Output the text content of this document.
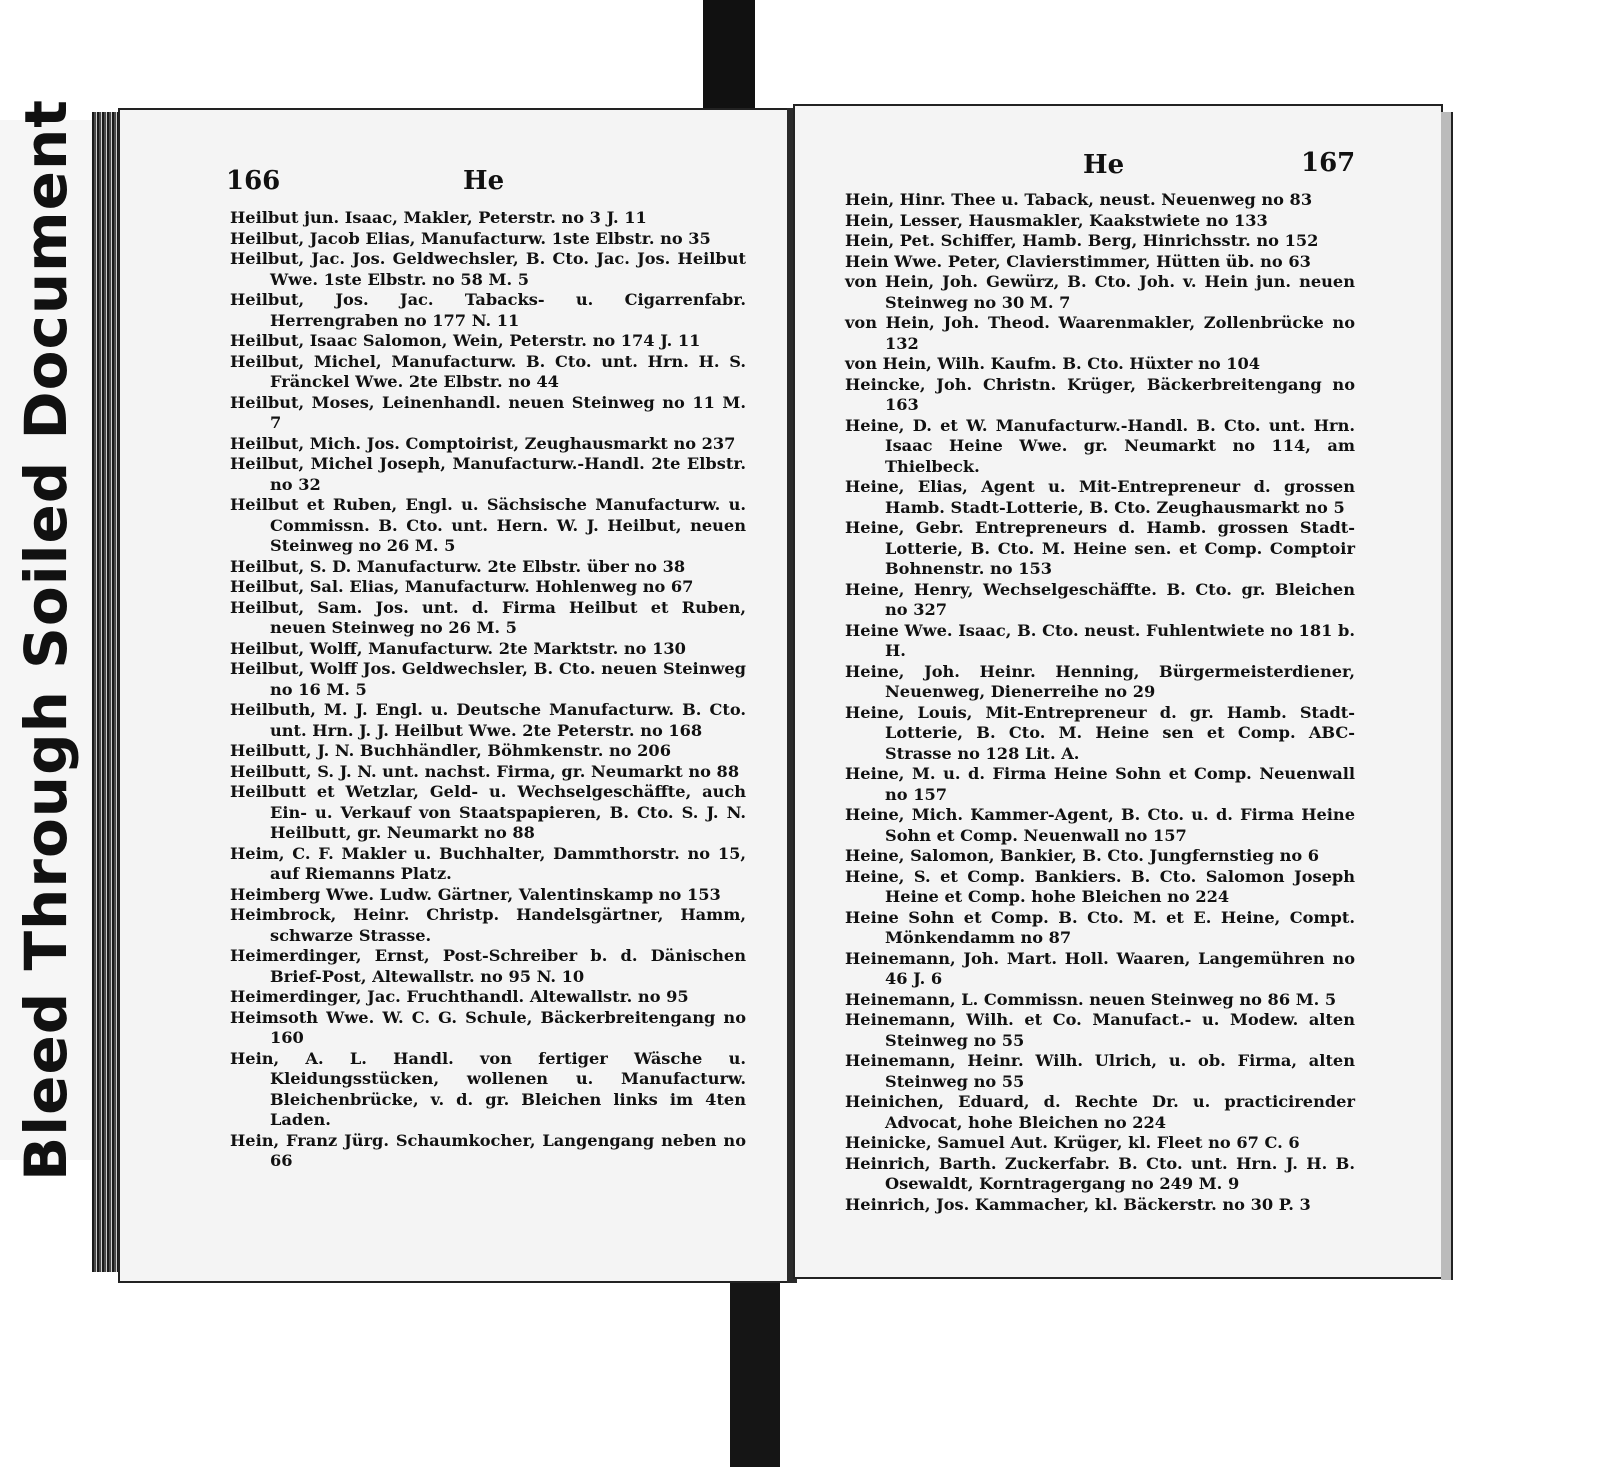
Bleed Through Soiled Document	166	He
Heilbut jun. Isaac, Makler, Peterstr. no 3 J. 11
Heilbut, Jacob Elias, Manufacturw. 1ste Elbstr. no 35
Heilbut, Jac. Jos. Geldwechsler, B. Cto. Jac. Jos. Heilbut Wwe. 1ste Elbstr. no 58 M. 5
Heilbut, Jos. Jac. Tabacks- u. Cigarrenfabr. Herrengraben no 177 N. 11
Heilbut, Isaac Salomon, Wein, Peterstr. no 174 J. 11
Heilbut, Michel, Manufacturw. B. Cto. unt. Hrn. H. S. Fränckel Wwe. 2te Elbstr. no 44
Heilbut, Moses, Leinenhandl. neuen Steinweg no 11 M. 7
Heilbut, Mich. Jos. Comptoirist, Zeughausmarkt no 237
Heilbut, Michel Joseph, Manufacturw.-Handl. 2te Elbstr. no 32
Heilbut et Ruben, Engl. u. Sächsische Manufacturw. u. Commissn. B. Cto. unt. Hern. W. J. Heilbut, neuen Steinweg no 26 M. 5
Heilbut, S. D. Manufacturw. 2te Elbstr. über no 38
Heilbut, Sal. Elias, Manufacturw. Hohlenweg no 67
Heilbut, Sam. Jos. unt. d. Firma Heilbut et Ruben, neuen Steinweg no 26 M. 5
Heilbut, Wolff, Manufacturw. 2te Marktstr. no 130
Heilbut, Wolff Jos. Geldwechsler, B. Cto. neuen Steinweg no 16 M. 5
Heilbuth, M. J. Engl. u. Deutsche Manufacturw. B. Cto. unt. Hrn. J. J. Heilbut Wwe. 2te Peterstr. no 168
Heilbutt, J. N. Buchhändler, Böhmkenstr. no 206
Heilbutt, S. J. N. unt. nachst. Firma, gr. Neumarkt no 88
Heilbutt et Wetzlar, Geld- u. Wechselgeschäffte, auch Ein- u. Verkauf von Staatspapieren, B. Cto. S. J. N. Heilbutt, gr. Neumarkt no 88
Heim, C. F. Makler u. Buchhalter, Dammthorstr. no 15, auf Riemanns Platz.
Heimberg Wwe. Ludw. Gärtner, Valentinskamp no 153
Heimbrock, Heinr. Christp. Handelsgärtner, Hamm, schwarze Strasse.
Heimerdinger, Ernst, Post-Schreiber b. d. Dänischen Brief-Post, Altewallstr. no 95 N. 10
Heimerdinger, Jac. Fruchthandl. Altewallstr. no 95
Heimsoth Wwe. W. C. G. Schule, Bäckerbreitengang no 160
Hein, A. L. Handl. von fertiger Wäsche u. Kleidungsstücken, wollenen u. Manufacturw. Bleichenbrücke, v. d. gr. Bleichen links im 4ten Laden.
Hein, Franz Jürg. Schaumkocher, Langengang neben no 66
He	167
Hein, Hinr. Thee u. Taback, neust. Neuenweg no 83
Hein, Lesser, Hausmakler, Kaakstwiete no 133
Hein, Pet. Schiffer, Hamb. Berg, Hinrichsstr. no 152
Hein Wwe. Peter, Clavierstimmer, Hütten üb. no 63
von Hein, Joh. Gewürz, B. Cto. Joh. v. Hein jun. neuen Steinweg no 30 M. 7
von Hein, Joh. Theod. Waarenmakler, Zollenbrücke no 132
von Hein, Wilh. Kaufm. B. Cto. Hüxter no 104
Heincke, Joh. Christn. Krüger, Bäckerbreitengang no 163
Heine, D. et W. Manufacturw.-Handl. B. Cto. unt. Hrn. Isaac Heine Wwe. gr. Neumarkt no 114, am Thielbeck.
Heine, Elias, Agent u. Mit-Entrepreneur d. grossen Hamb. Stadt-Lotterie, B. Cto. Zeughausmarkt no 5
Heine, Gebr. Entrepreneurs d. Hamb. grossen Stadt-Lotterie, B. Cto. M. Heine sen. et Comp. Comptoir Bohnenstr. no 153
Heine, Henry, Wechselgeschäffte. B. Cto. gr. Bleichen no 327
Heine Wwe. Isaac, B. Cto. neust. Fuhlentwiete no 181 b. H.
Heine, Joh. Heinr. Henning, Bürgermeisterdiener, Neuenweg, Dienerreihe no 29
Heine, Louis, Mit-Entrepreneur d. gr. Hamb. Stadt-Lotterie, B. Cto. M. Heine sen et Comp. ABC-Strasse no 128 Lit. A.
Heine, M. u. d. Firma Heine Sohn et Comp. Neuenwall no 157
Heine, Mich. Kammer-Agent, B. Cto. u. d. Firma Heine Sohn et Comp. Neuenwall no 157
Heine, Salomon, Bankier, B. Cto. Jungfernstieg no 6
Heine, S. et Comp. Bankiers. B. Cto. Salomon Joseph Heine et Comp. hohe Bleichen no 224
Heine Sohn et Comp. B. Cto. M. et E. Heine, Compt. Mönkendamm no 87
Heinemann, Joh. Mart. Holl. Waaren, Langemühren no 46 J. 6
Heinemann, L. Commissn. neuen Steinweg no 86 M. 5
Heinemann, Wilh. et Co. Manufact.- u. Modew. alten Steinweg no 55
Heinemann, Heinr. Wilh. Ulrich, u. ob. Firma, alten Steinweg no 55
Heinichen, Eduard, d. Rechte Dr. u. practicirender Advocat, hohe Bleichen no 224
Heinicke, Samuel Aut. Krüger, kl. Fleet no 67 C. 6
Heinrich, Barth. Zuckerfabr. B. Cto. unt. Hrn. J. H. B. Osewaldt, Korntragergang no 249 M. 9
Heinrich, Jos. Kammacher, kl. Bäckerstr. no 30 P. 3
